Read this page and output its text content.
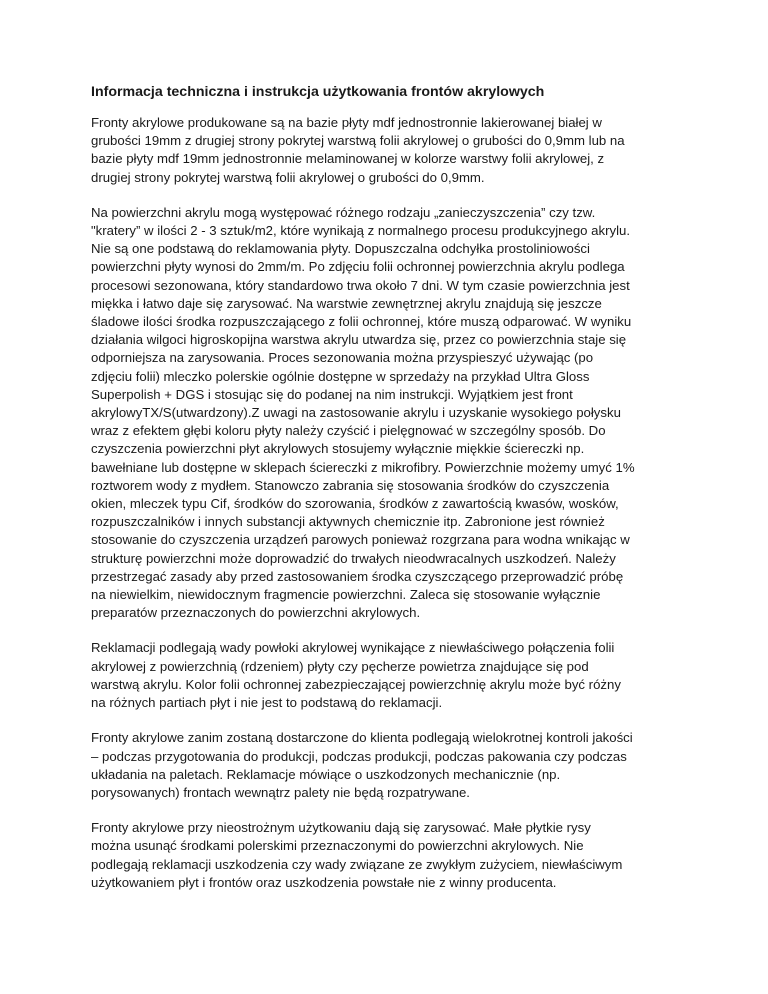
Informacja techniczna i instrukcja użytkowania frontów akrylowych
Fronty akrylowe produkowane są na bazie płyty mdf jednostronnie lakierowanej białej w
grubości 19mm z drugiej strony pokrytej warstwą folii akrylowej o grubości do 0,9mm lub na
bazie płyty mdf 19mm jednostronnie melaminowanej w kolorze warstwy folii akrylowej, z
drugiej strony pokrytej warstwą folii akrylowej o grubości do 0,9mm.
Na powierzchni akrylu mogą występować różnego rodzaju „zanieczyszczenia” czy tzw.
"kratery” w ilości 2 - 3 sztuk/m2, które wynikają z normalnego procesu produkcyjnego akrylu.
Nie są one podstawą do reklamowania płyty. Dopuszczalna odchyłka prostoliniowości
powierzchni płyty wynosi do 2mm/m. Po zdjęciu folii ochronnej powierzchnia akrylu podlega
procesowi sezonowana, który standardowo trwa około 7 dni. W tym czasie powierzchnia jest
miękka i łatwo daje się zarysować. Na warstwie zewnętrznej akrylu znajdują się jeszcze
śladowe ilości środka rozpuszczającego z folii ochronnej, które muszą odparować. W wyniku
działania wilgoci higroskopijna warstwa akrylu utwardza się, przez co powierzchnia staje się
odporniejsza na zarysowania. Proces sezonowania można przyspieszyć używając (po
zdjęciu folii) mleczko polerskie ogólnie dostępne w sprzedaży na przykład Ultra Gloss
Superpolish + DGS i stosując się do podanej na nim instrukcji. Wyjątkiem jest front
akrylowyTX/S(utwardzony).Z uwagi na zastosowanie akrylu i uzyskanie wysokiego połysku
wraz z efektem głębi koloru płyty należy czyścić i pielęgnować w szczególny sposób. Do
czyszczenia powierzchni płyt akrylowych stosujemy wyłącznie miękkie ściereczki np.
bawełniane lub dostępne w sklepach ściereczki z mikrofibry. Powierzchnie możemy umyć 1%
roztworem wody z mydłem. Stanowczo zabrania się stosowania środków do czyszczenia
okien, mleczek typu Cif, środków do szorowania, środków z zawartością kwasów, wosków,
rozpuszczalników i innych substancji aktywnych chemicznie itp. Zabronione jest również
stosowanie do czyszczenia urządzeń parowych ponieważ rozgrzana para wodna wnikając w
strukturę powierzchni może doprowadzić do trwałych nieodwracalnych uszkodzeń. Należy
przestrzegać zasady aby przed zastosowaniem środka czyszczącego przeprowadzić próbę
na niewielkim, niewidocznym fragmencie powierzchni. Zaleca się stosowanie wyłącznie
preparatów przeznaczonych do powierzchni akrylowych.
Reklamacji podlegają wady powłoki akrylowej wynikające z niewłaściwego połączenia folii
akrylowej z powierzchnią (rdzeniem) płyty czy pęcherze powietrza znajdujące się pod
warstwą akrylu. Kolor folii ochronnej zabezpieczającej powierzchnię akrylu może być różny
na różnych partiach płyt i nie jest to podstawą do reklamacji.
Fronty akrylowe zanim zostaną dostarczone do klienta podlegają wielokrotnej kontroli jakości
– podczas przygotowania do produkcji, podczas produkcji, podczas pakowania czy podczas
układania na paletach. Reklamacje mówiące o uszkodzonych mechanicznie (np.
porysowanych) frontach wewnątrz palety nie będą rozpatrywane.
Fronty akrylowe przy nieostrożnym użytkowaniu dają się zarysować. Małe płytkie rysy
można usunąć środkami polerskimi przeznaczonymi do powierzchni akrylowych. Nie
podlegają reklamacji uszkodzenia czy wady związane ze zwykłym zużyciem, niewłaściwym
użytkowaniem płyt i frontów oraz uszkodzenia powstałe nie z winny producenta.
